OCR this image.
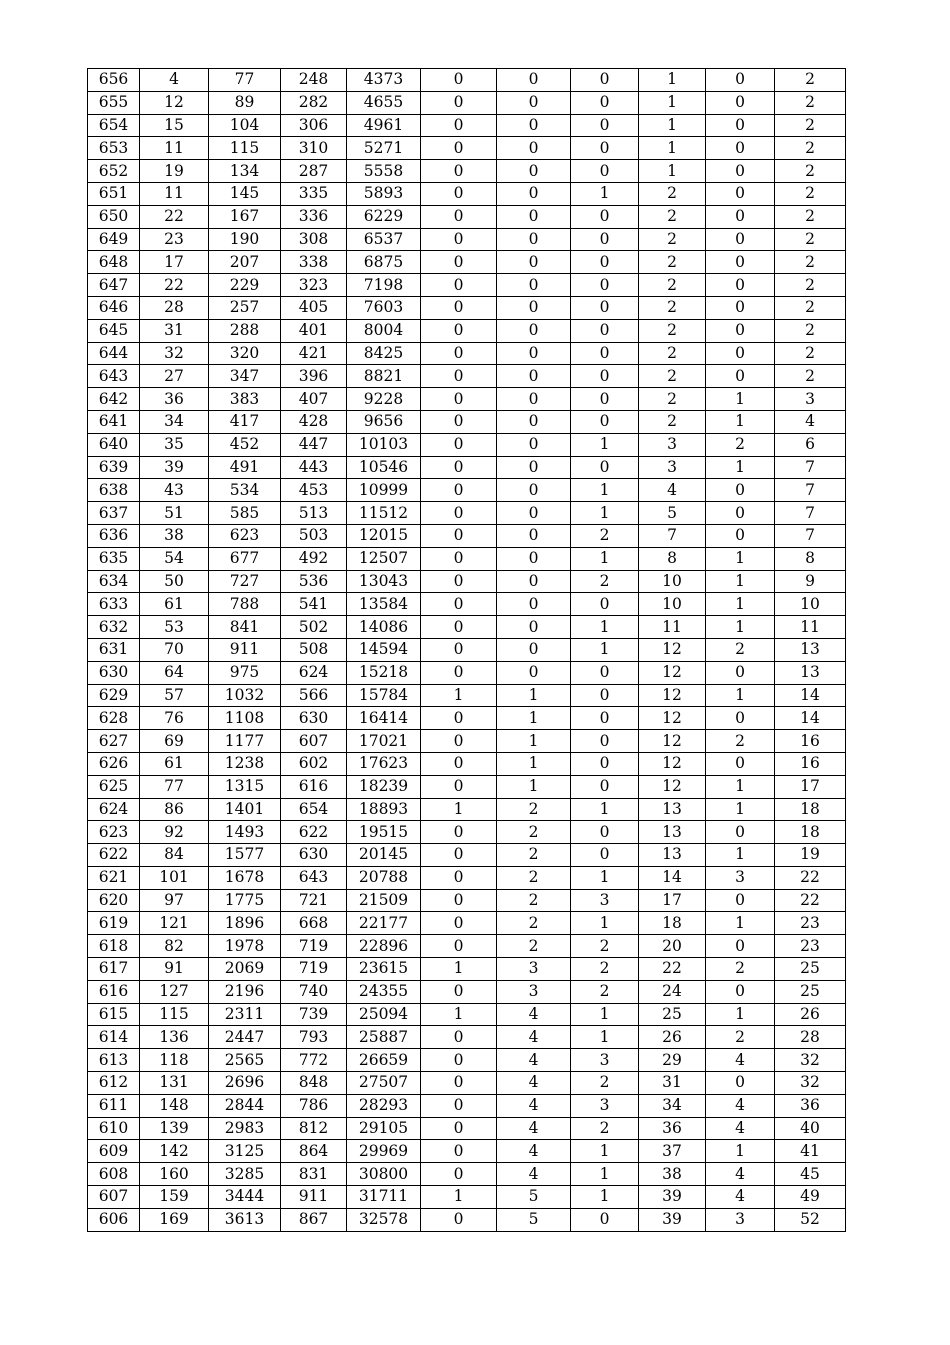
656	4	77	248	4373	0	0	0	1	0	2
655	12	89	282	4655	0	0	0	1	0	2
654	15	104	306	4961	0	0	0	1	0	2
653	11	115	310	5271	0	0	0	1	0	2
652	19	134	287	5558	0	0	0	1	0	2
651	11	145	335	5893	0	0	1	2	0	2
650	22	167	336	6229	0	0	0	2	0	2
649	23	190	308	6537	0	0	0	2	0	2
648	17	207	338	6875	0	0	0	2	0	2
647	22	229	323	7198	0	0	0	2	0	2
646	28	257	405	7603	0	0	0	2	0	2
645	31	288	401	8004	0	0	0	2	0	2
644	32	320	421	8425	0	0	0	2	0	2
643	27	347	396	8821	0	0	0	2	0	2
642	36	383	407	9228	0	0	0	2	1	3
641	34	417	428	9656	0	0	0	2	1	4
640	35	452	447	10103	0	0	1	3	2	6
639	39	491	443	10546	0	0	0	3	1	7
638	43	534	453	10999	0	0	1	4	0	7
637	51	585	513	11512	0	0	1	5	0	7
636	38	623	503	12015	0	0	2	7	0	7
635	54	677	492	12507	0	0	1	8	1	8
634	50	727	536	13043	0	0	2	10	1	9
633	61	788	541	13584	0	0	0	10	1	10
632	53	841	502	14086	0	0	1	11	1	11
631	70	911	508	14594	0	0	1	12	2	13
630	64	975	624	15218	0	0	0	12	0	13
629	57	1032	566	15784	1	1	0	12	1	14
628	76	1108	630	16414	0	1	0	12	0	14
627	69	1177	607	17021	0	1	0	12	2	16
626	61	1238	602	17623	0	1	0	12	0	16
625	77	1315	616	18239	0	1	0	12	1	17
624	86	1401	654	18893	1	2	1	13	1	18
623	92	1493	622	19515	0	2	0	13	0	18
622	84	1577	630	20145	0	2	0	13	1	19
621	101	1678	643	20788	0	2	1	14	3	22
620	97	1775	721	21509	0	2	3	17	0	22
619	121	1896	668	22177	0	2	1	18	1	23
618	82	1978	719	22896	0	2	2	20	0	23
617	91	2069	719	23615	1	3	2	22	2	25
616	127	2196	740	24355	0	3	2	24	0	25
615	115	2311	739	25094	1	4	1	25	1	26
614	136	2447	793	25887	0	4	1	26	2	28
613	118	2565	772	26659	0	4	3	29	4	32
612	131	2696	848	27507	0	4	2	31	0	32
611	148	2844	786	28293	0	4	3	34	4	36
610	139	2983	812	29105	0	4	2	36	4	40
609	142	3125	864	29969	0	4	1	37	1	41
608	160	3285	831	30800	0	4	1	38	4	45
607	159	3444	911	31711	1	5	1	39	4	49
606	169	3613	867	32578	0	5	0	39	3	52
